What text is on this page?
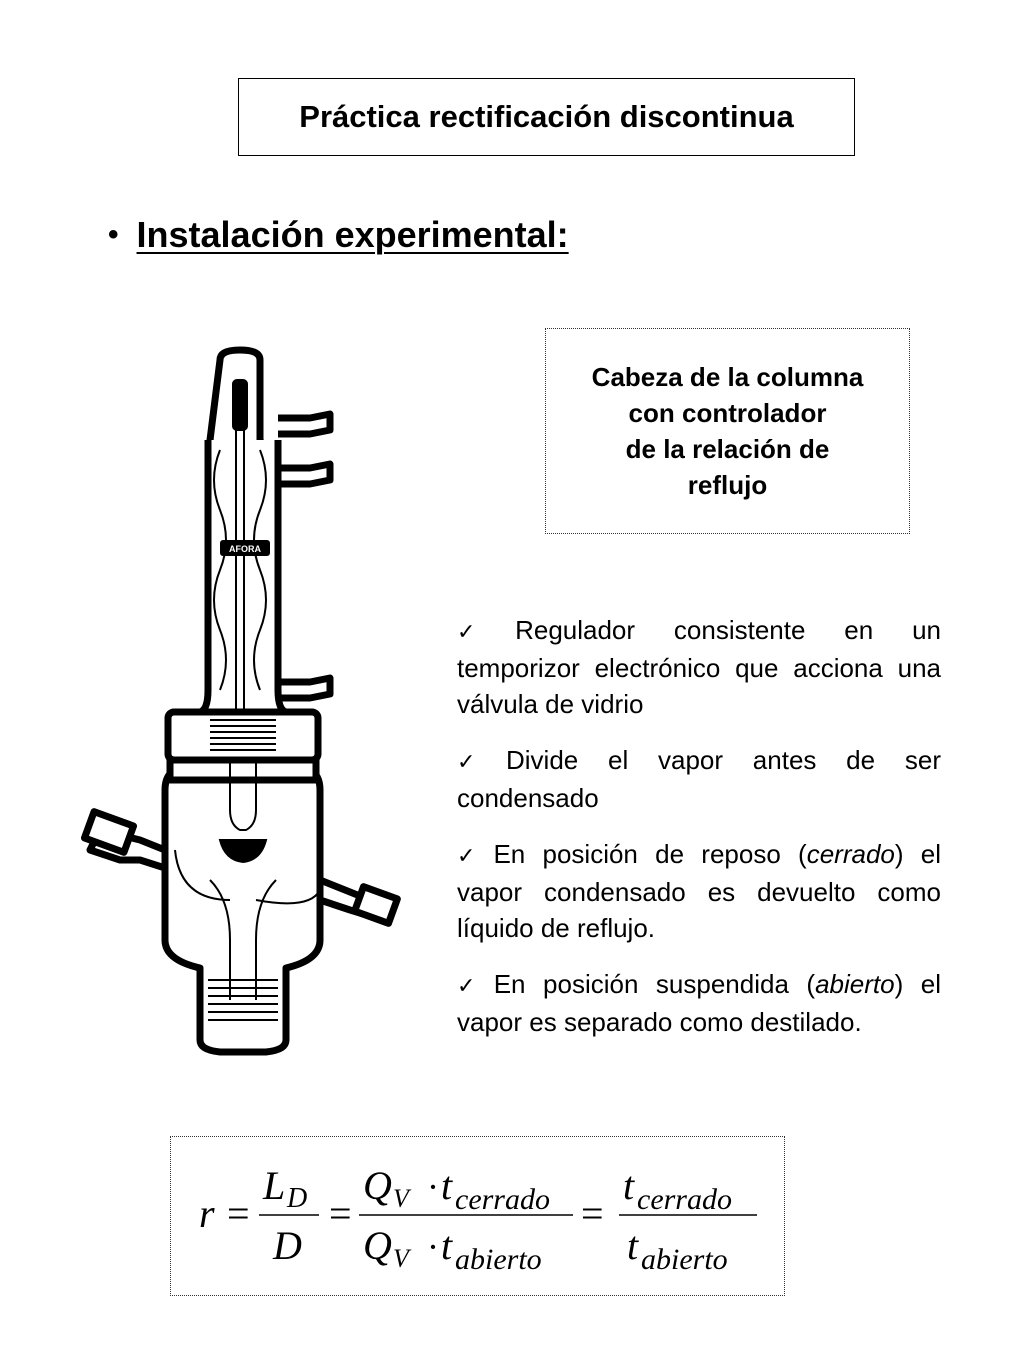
Práctica rectificación discontinua
• Instalación experimental:
AFORA
Cabeza de la columna
con controlador
de la relación de
reflujo
✓ Regulador consistente en un temporizor electrónico que acciona una válvula de vidrio
✓ Divide el vapor antes de ser condensado
✓ En posición de reposo (cerrado) el vapor condensado es devuelto como líquido de reflujo.
✓ En posición suspendida (abierto) el vapor es separado como destilado.
r =
L D
D
=
Q V · t cerrado
Q V · t abierto
=
t cerrado
t abierto
